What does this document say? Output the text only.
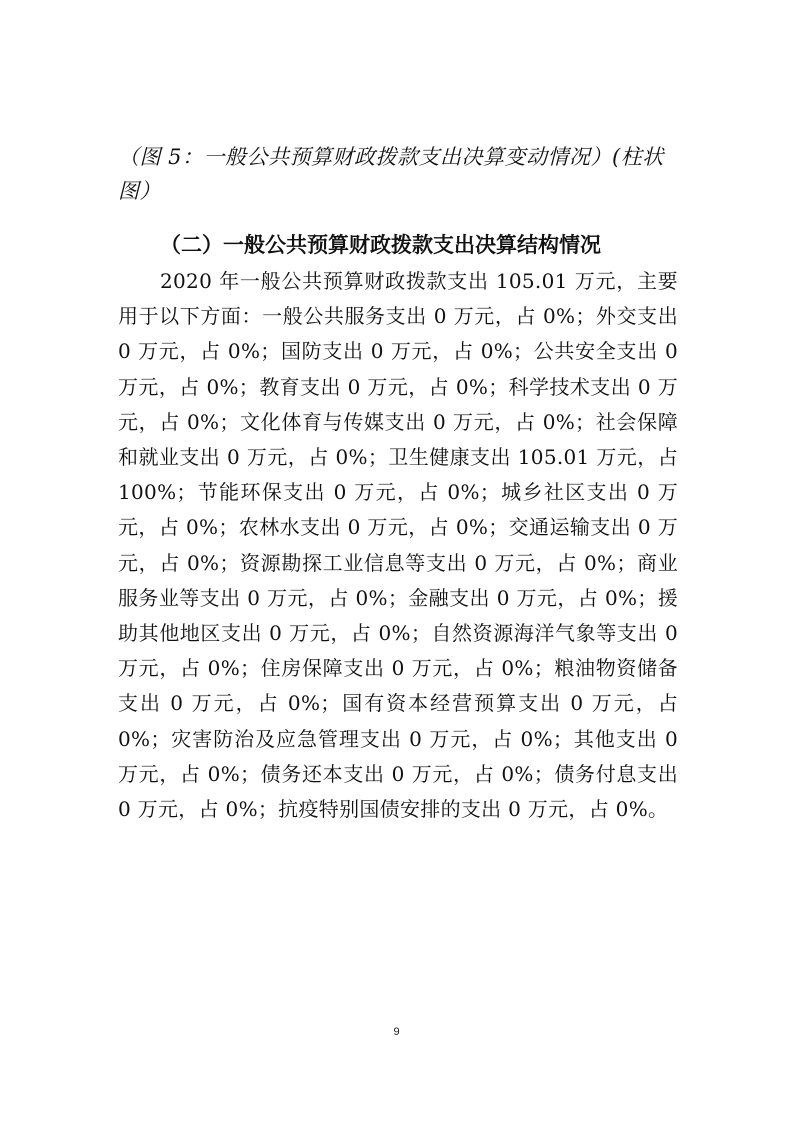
（图 5：一般公共预算财政拨款支出决算变动情况）(柱状图）
（二）一般公共预算财政拨款支出决算结构情况
2020 年一般公共预算财政拨款支出 105.01 万元，主要用于以下方面：一般公共服务支出 0 万元，占 0%；外交支出 0 万元，占 0%；国防支出 0 万元，占 0%；公共安全支出 0 万元，占 0%；教育支出 0 万元，占 0%；科学技术支出 0 万元，占 0%；文化体育与传媒支出 0 万元，占 0%；社会保障和就业支出 0 万元，占 0%；卫生健康支出 105.01 万元，占 100%；节能环保支出 0 万元，占 0%；城乡社区支出 0 万元，占 0%；农林水支出 0 万元，占 0%；交通运输支出 0 万元，占 0%；资源勘探工业信息等支出 0 万元，占 0%；商业服务业等支出 0 万元，占 0%；金融支出 0 万元，占 0%；援助其他地区支出 0 万元，占 0%；自然资源海洋气象等支出 0 万元，占 0%；住房保障支出 0 万元，占 0%；粮油物资储备支出 0 万元，占 0%；国有资本经营预算支出 0 万元，占 0%；灾害防治及应急管理支出 0 万元，占 0%；其他支出 0 万元，占 0%；债务还本支出 0 万元，占 0%；债务付息支出 0 万元，占 0%；抗疫特别国债安排的支出 0 万元，占 0%。
9
